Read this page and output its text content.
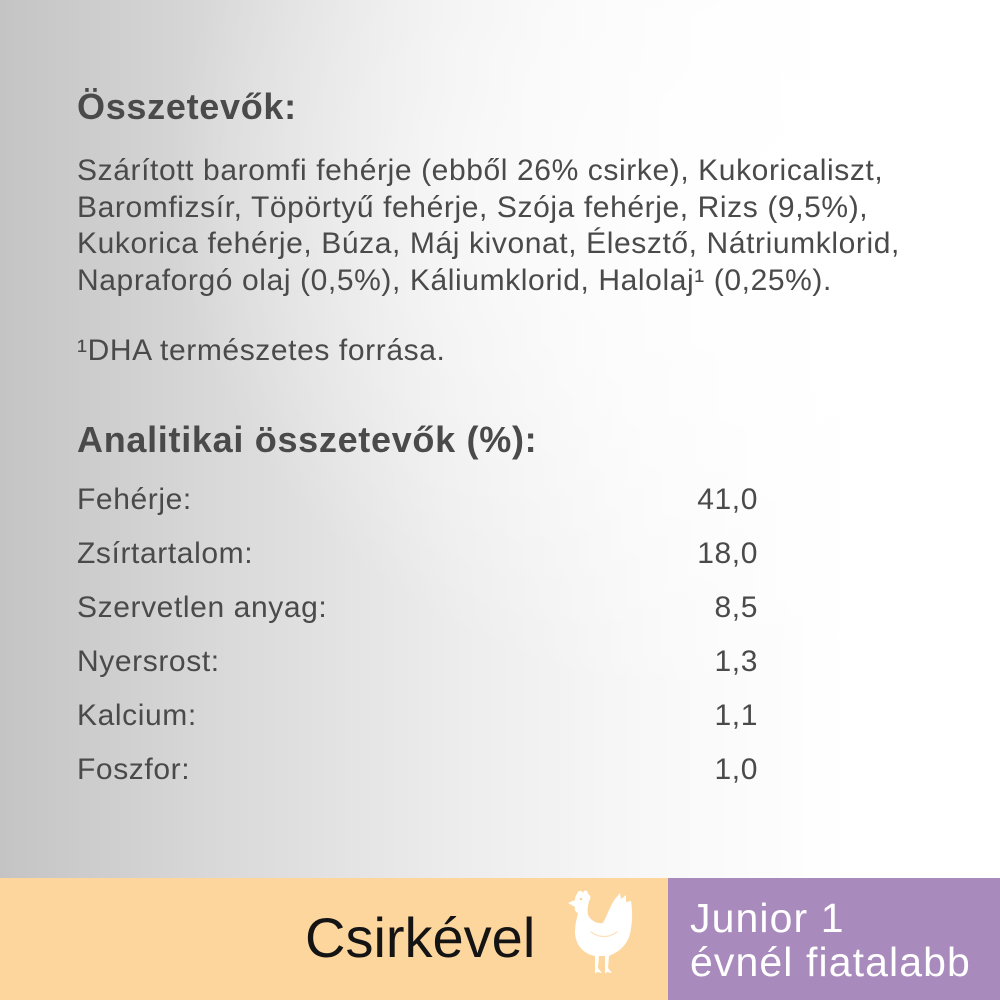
Összetevők:
Szárított baromfi fehérje (ebből 26% csirke), Kukoricaliszt,
Baromfizsír, Töpörtyű fehérje, Szója fehérje, Rizs (9,5%),
Kukorica fehérje, Búza, Máj kivonat, Élesztő, Nátriumklorid,
Napraforgó olaj (0,5%), Káliumklorid, Halolaj¹ (0,25%).
¹DHA természetes forrása.
Analitikai összetevők (%):
Fehérje:	41,0
Zsírtartalom:	18,0
Szervetlen anyag:	8,5
Nyersrost:	1,3
Kalcium:	1,1
Foszfor:	1,0
Csirkével	Junior 1
évnél fiatalabb
